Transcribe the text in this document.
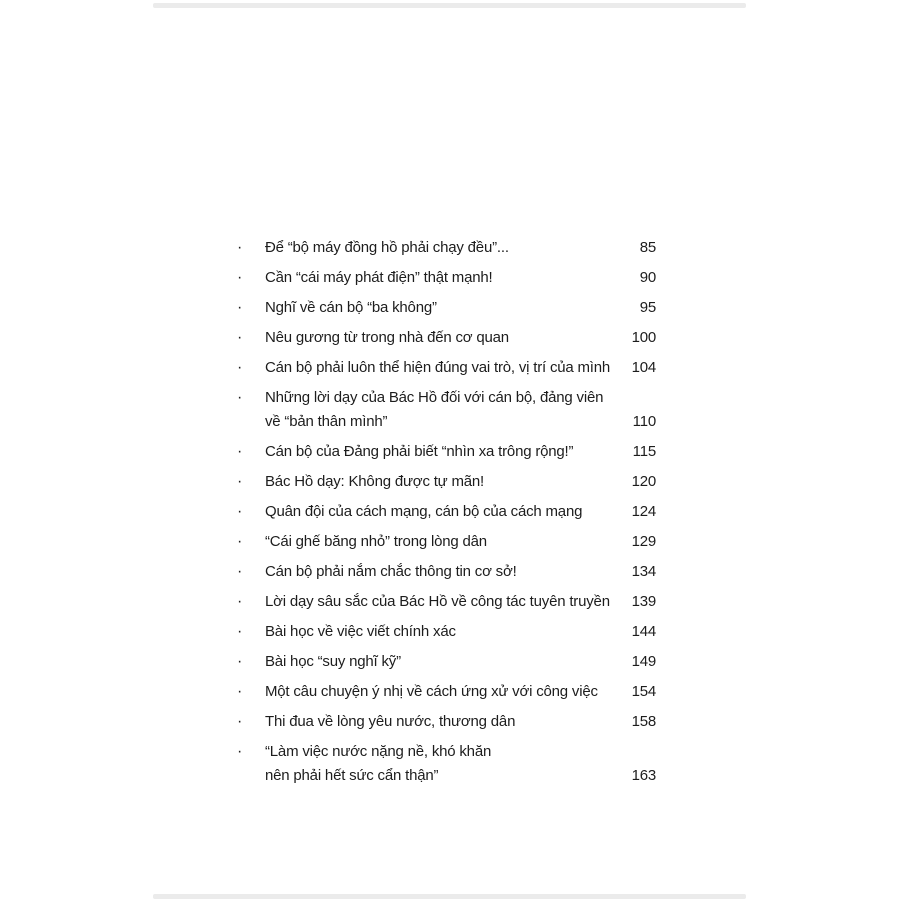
·	Để “bộ máy đồng hồ phải chạy đều”...	85
·	Cần “cái máy phát điện” thật mạnh!	90
·	Nghĩ về cán bộ “ba không”	95
·	Nêu gương từ trong nhà đến cơ quan	100
·	Cán bộ phải luôn thể hiện đúng vai trò, vị trí của mình	104
·	Những lời dạy của Bác Hồ đối với cán bộ, đảng viên
về “bản thân mình”	110
·	Cán bộ của Đảng phải biết “nhìn xa trông rộng!”	115
·	Bác Hồ dạy: Không được tự mãn!	120
·	Quân đội của cách mạng, cán bộ của cách mạng	124
·	“Cái ghế băng nhỏ” trong lòng dân	129
·	Cán bộ phải nắm chắc thông tin cơ sở!	134
·	Lời dạy sâu sắc của Bác Hồ về công tác tuyên truyền	139
·	Bài học về việc viết chính xác	144
·	Bài học “suy nghĩ kỹ”	149
·	Một câu chuyện ý nhị về cách ứng xử với công việc	154
·	Thi đua về lòng yêu nước, thương dân	158
·	“Làm việc nước nặng nề, khó khăn
nên phải hết sức cẩn thận”	163
